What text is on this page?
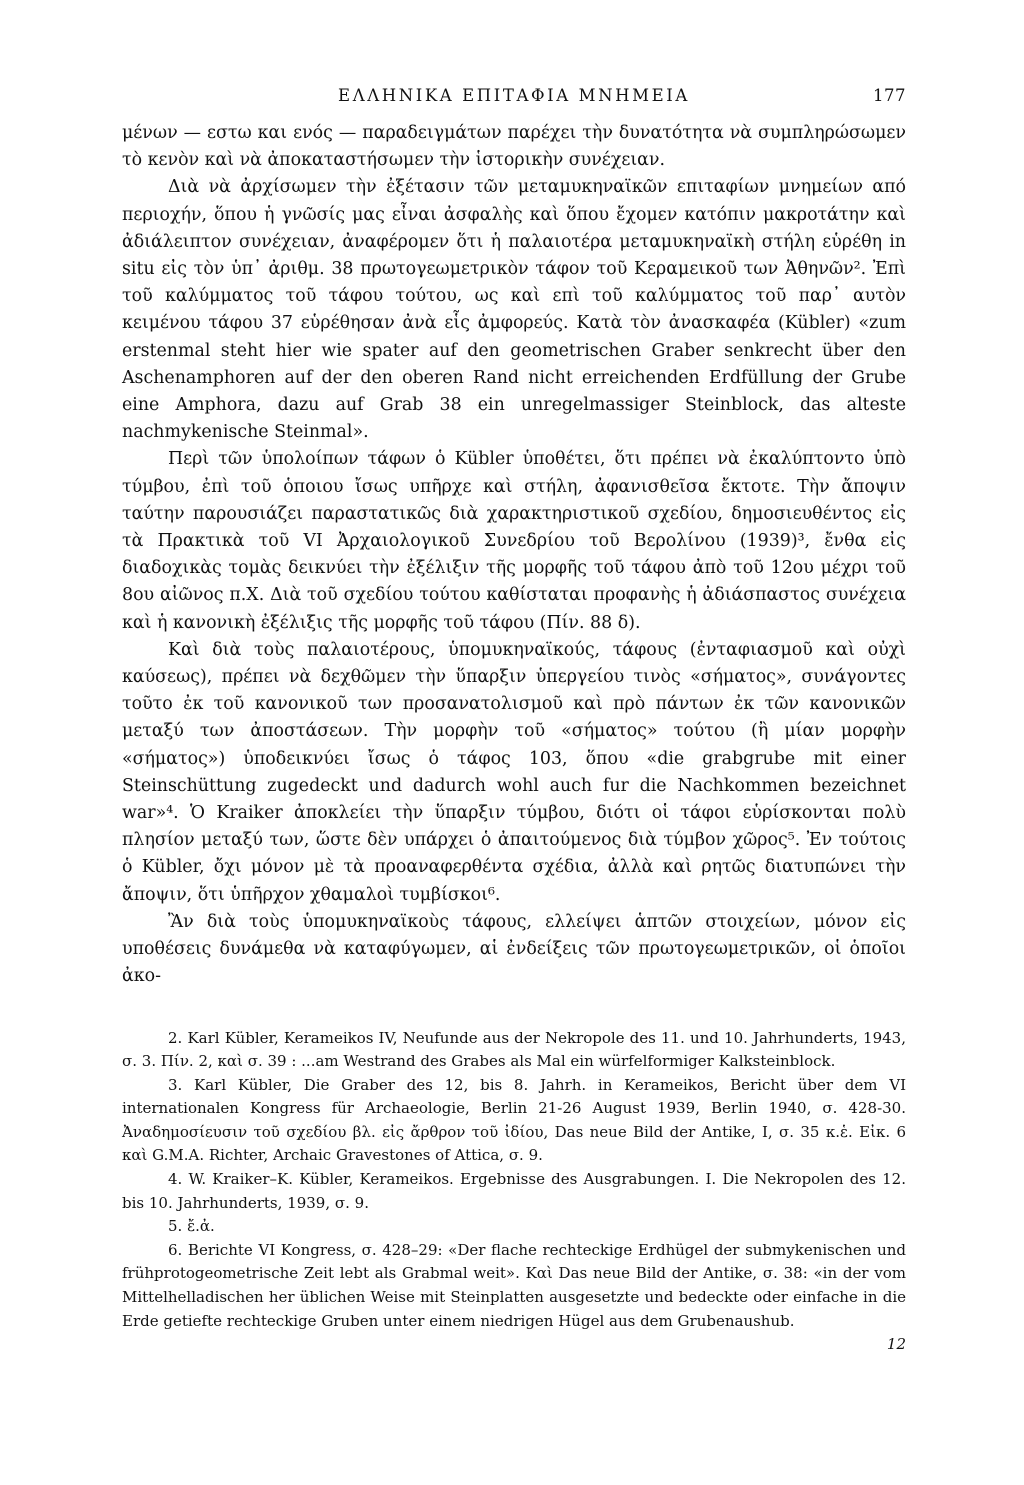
ΕΛΛΗΝΙΚΑ ΕΠΙΤΑΦΙΑ ΜΝΗΜΕΙΑ	177

μένων — εστω και ενός — παραδειγμάτων παρέχει τὴν δυνατότητα νὰ συμπληρώσωμεν τὸ κενὸν καὶ νὰ ἀποκαταστήσωμεν τὴν ἱστορικὴν συνέχειαν.

Διὰ νὰ ἀρχίσωμεν τὴν ἐξέτασιν τῶν μεταμυκηναϊκῶν επιταφίων μνημείων από περιοχήν, ὅπου ἡ γνῶσίς μας εἶναι ἀσφαλὴς καὶ ὅπου ἔχομεν κατόπιν μακροτάτην καὶ ἀδιάλειπτον συνέχειαν, ἀναφέρομεν ὅτι ἡ παλαιοτέρα μεταμυκηναϊκὴ στήλη εὑρέθη in situ εἰς τὸν ὑπ᾽ ἀριθμ. 38 πρωτογεωμετρικὸν τάφον τοῦ Κεραμεικοῦ των Ἀθηνῶν². Ἐπὶ τοῦ καλύμματος τοῦ τάφου τούτου, ως καὶ επὶ τοῦ καλύμματος τοῦ παρ᾽ αυτὸν κειμένου τάφου 37 εὑρέθησαν ἀνὰ εἷς ἀμφορεύς. Κατὰ τὸν ἀνασκαφέα (Kübler) «zum erstenmal steht hier wie spater auf den geometrischen Graber senkrecht über den Aschenamphoren auf der den oberen Rand nicht erreichenden Erdfüllung der Grube eine Amphora, dazu auf Grab 38 ein unregelmassiger Steinblock, das alteste nachmykenische Steinmal».

Περὶ τῶν ὑπολοίπων τάφων ὁ Kübler ὑποθέτει, ὅτι πρέπει νὰ ἐκαλύπτοντο ὑπὸ τύμβου, ἐπὶ τοῦ ὁποιου ἴσως υπῆρχε καὶ στήλη, ἀφανισθεῖσα ἔκτοτε. Τὴν ἄποψιν ταύτην παρουσιάζει παραστατικῶς διὰ χαρακτηριστικοῦ σχεδίου, δημοσιευθέντος εἰς τὰ Πρακτικὰ τοῦ VI Ἀρχαιολογικοῦ Συνεδρίου τοῦ Βερολίνου (1939)³, ἔνθα εἰς διαδοχικὰς τομὰς δεικνύει τὴν ἐξέλιξιν τῆς μορφῆς τοῦ τάφου ἀπὸ τοῦ 12ου μέχρι τοῦ 8ου αἰῶνος π.Χ. Διὰ τοῦ σχεδίου τούτου καθίσταται προφανὴς ἡ ἀδιάσπαστος συνέχεια καὶ ἡ κανονικὴ ἐξέλιξις τῆς μορφῆς τοῦ τάφου (Πίν. 88 δ).

Καὶ διὰ τοὺς παλαιοτέρους, ὑπομυκηναϊκούς, τάφους (ἐνταφιασμοῦ καὶ οὐχὶ καύσεως), πρέπει νὰ δεχθῶμεν τὴν ὕπαρξιν ὑπεργείου τινὸς «σήματος», συνάγοντες τοῦτο ἐκ τοῦ κανονικοῦ των προσανατολισμοῦ καὶ πρὸ πάντων ἐκ τῶν κανονικῶν μεταξύ των ἀποστάσεων. Τὴν μορφὴν τοῦ «σήματος» τούτου (ἢ μίαν μορφὴν «σήματος») ὑποδεικνύει ἴσως ὁ τάφος 103, ὅπου «die grabgrube mit einer Steinschüttung zugedeckt und dadurch wohl auch fur die Nachkommen bezeichnet war»⁴. Ὁ Kraiker ἀποκλείει τὴν ὕπαρξιν τύμβου, διότι οἱ τάφοι εὑρίσκονται πολὺ πλησίον μεταξύ των, ὥστε δὲν υπάρχει ὁ ἀπαιτούμενος διὰ τύμβον χῶρος⁵. Ἐν τούτοις ὁ Kübler, ὄχι μόνον μὲ τὰ προαναφερθέντα σχέδια, ἀλλὰ καὶ ρητῶς διατυπώνει τὴν ἄποψιν, ὅτι ὑπῆρχον χθαμαλοὶ τυμβίσκοι⁶.

Ἂν διὰ τοὺς ὑπομυκηναϊκοὺς τάφους, ελλείψει ἁπτῶν στοιχείων, μόνον εἰς υποθέσεις δυνάμεθα νὰ καταφύγωμεν, αἱ ἐνδείξεις τῶν πρωτογεωμετρικῶν, οἱ ὁποῖοι ἀκο-

2. Karl Kübler, Kerameikos IV, Neufunde aus der Nekropole des 11. und 10. Jahrhunderts, 1943, σ. 3. Πίν. 2, καὶ σ. 39 : ...am Westrand des Grabes als Mal ein würfelformiger Kalksteinblock.

3. Karl Kübler, Die Graber des 12, bis 8. Jahrh. in Kerameikos, Bericht über dem VI internationalen Kongress für Archaeologie, Berlin 21-26 August 1939, Berlin 1940, σ. 428-30. Ἀναδημοσίευσιν τοῦ σχεδίου βλ. εἰς ἄρθρον τοῦ ἰδίου, Das neue Bild der Antike, I, σ. 35 κ.ἑ. Εἰκ. 6 καὶ G.M.A. Richter, Archaic Gravestones of Attica, σ. 9.

4. W. Kraiker–K. Kübler, Kerameikos. Ergebnisse des Ausgrabungen. I. Die Nekropolen des 12. bis 10. Jahrhunderts, 1939, σ. 9.

5. ἔ.ἀ.

6. Berichte VI Kongress, σ. 428–29: «Der flache rechteckige Erdhügel der submykenischen und frühprotogeometrische Zeit lebt als Grabmal weit». Καὶ Das neue Bild der Antike, σ. 38: «in der vom Mittelhelladischen her üblichen Weise mit Steinplatten ausgesetzte und bedeckte oder einfache in die Erde getiefte rechteckige Gruben unter einem niedrigen Hügel aus dem Grubenaushub.

12
